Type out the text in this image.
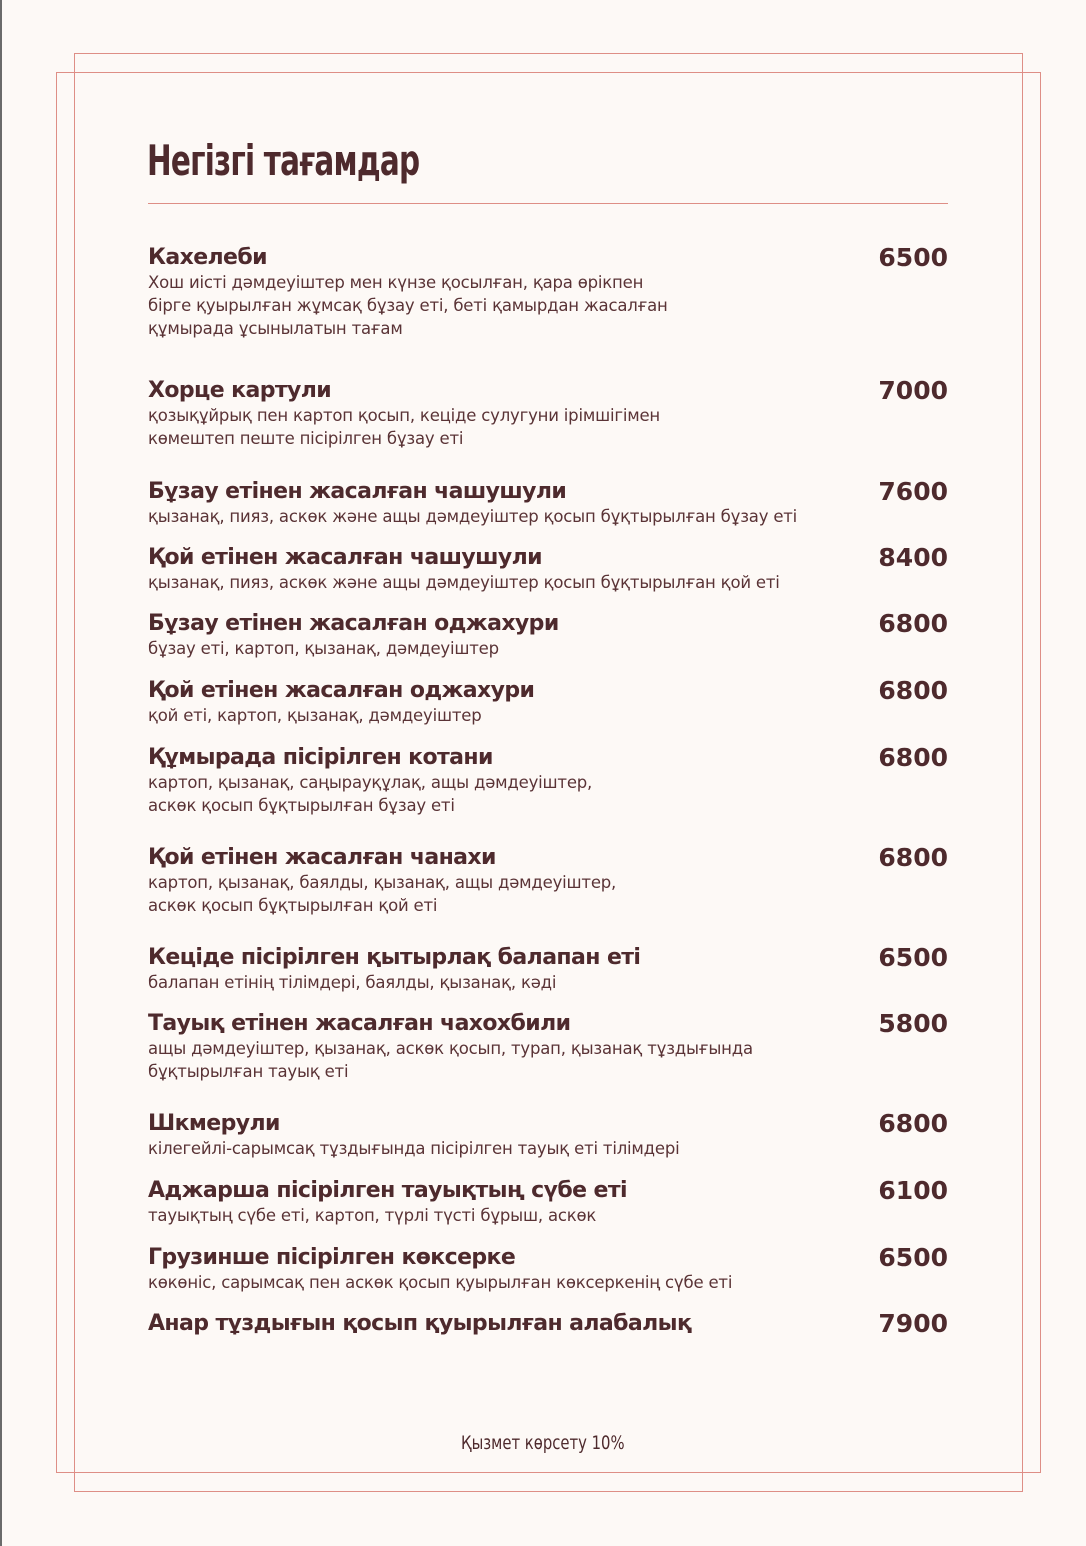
Негізгі тағамдар
Кахелеби	6500
Хош иісті дәмдеуіштер мен күнзе қосылған, қара өрікпен
бірге қуырылған жұмсақ бұзау еті, беті қамырдан жасалған
құмырада ұсынылатын тағам
Хорце картули	7000
қозықұйрық пен картоп қосып, кеціде сулугуни ірімшігімен
көмештеп пеште пісірілген бұзау еті
Бұзау етінен жасалған чашушули	7600
қызанақ, пияз, аскөк және ащы дәмдеуіштер қосып бұқтырылған бұзау еті
Қой етінен жасалған чашушули	8400
қызанақ, пияз, аскөк және ащы дәмдеуіштер қосып бұқтырылған қой еті
Бұзау етінен жасалған оджахури	6800
бұзау еті, картоп, қызанақ, дәмдеуіштер
Қой етінен жасалған оджахури	6800
қой еті, картоп, қызанақ, дәмдеуіштер
Құмырада пісірілген котани	6800
картоп, қызанақ, саңырауқұлақ, ащы дәмдеуіштер,
аскөк қосып бұқтырылған бұзау еті
Қой етінен жасалған чанахи	6800
картоп, қызанақ, баялды, қызанақ, ащы дәмдеуіштер,
аскөк қосып бұқтырылған қой еті
Кеціде пісірілген қытырлақ балапан еті	6500
балапан етінің тілімдері, баялды, қызанақ, кәді
Тауық етінен жасалған чахохбили	5800
ащы дәмдеуіштер, қызанақ, аскөк қосып, турап, қызанақ тұздығында
бұқтырылған тауық еті
Шкмерули	6800
кілегейлі-сарымсақ тұздығында пісірілген тауық еті тілімдері
Аджарша пісірілген тауықтың сүбе еті	6100
тауықтың сүбе еті, картоп, түрлі түсті бұрыш, аскөк
Грузинше пісірілген көксерке	6500
көкөніс, сарымсақ пен аскөк қосып қуырылған көксеркенің сүбе еті
Анар тұздығын қосып қуырылған алабалық	7900
Қызмет көрсету 10%
